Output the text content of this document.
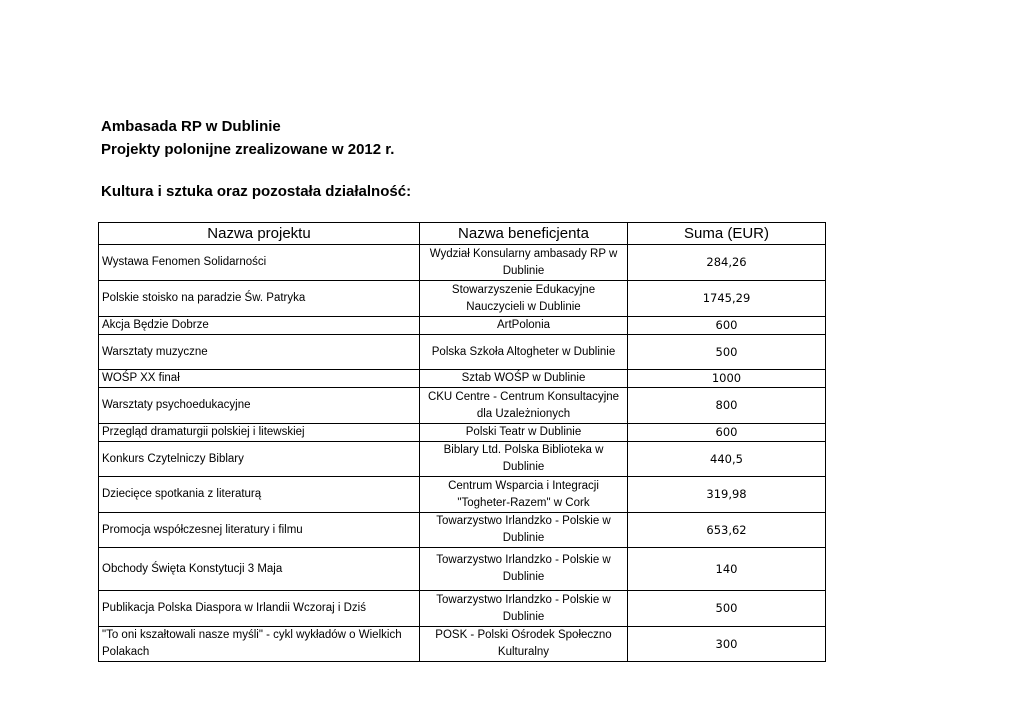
Ambasada RP w Dublinie
Projekty polonijne zrealizowane w 2012 r.
Kultura i sztuka oraz pozostała działalność:
Nazwa projektu	Nazwa beneficjenta	Suma (EUR)
Wystawa Fenomen Solidarności	Wydział Konsularny ambasady RP w Dublinie	284,26
Polskie stoisko na paradzie Św. Patryka	Stowarzyszenie Edukacyjne Nauczycieli w Dublinie	1745,29
Akcja Będzie Dobrze	ArtPolonia	600
Warsztaty muzyczne	Polska Szkoła Altogheter w Dublinie	500
WOŚP XX finał	Sztab WOŚP w Dublinie	1000
Warsztaty psychoedukacyjne	CKU Centre - Centrum Konsultacyjne dla Uzależnionych	800
Przegląd dramaturgii polskiej i litewskiej	Polski Teatr w Dublinie	600
Konkurs Czytelniczy Biblary	Biblary Ltd. Polska Biblioteka w Dublinie	440,5
Dziecięce spotkania z literaturą	Centrum Wsparcia i Integracji "Togheter-Razem" w Cork	319,98
Promocja współczesnej literatury i filmu	Towarzystwo Irlandzko - Polskie w Dublinie	653,62
Obchody Święta Konstytucji 3 Maja	Towarzystwo Irlandzko - Polskie w Dublinie	140
Publikacja Polska Diaspora w Irlandii Wczoraj i Dziś	Towarzystwo Irlandzko - Polskie w Dublinie	500
"To oni kszałtowali nasze myśli" - cykl wykładów o Wielkich Polakach	POSK - Polski Ośrodek Społeczno Kulturalny	300
